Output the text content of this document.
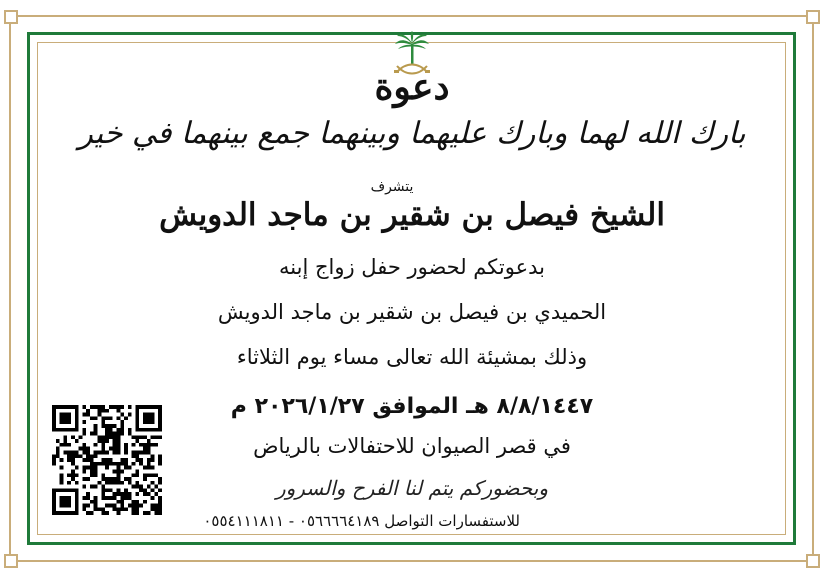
دعوة
بارك الله لهما وبارك عليهما وبينهما جمع بينهما في خير
يتشرف
الشيخ فيصل بن شقير بن ماجد الدويش
بدعوتكم لحضور حفل زواج إبنه
الحميدي بن فيصل بن شقير بن ماجد الدويش
وذلك بمشيئة الله تعالى مساء يوم الثلاثاء
٨/٨/١٤٤٧ هـ الموافق ٢٠٢٦/١/٢٧ م
في قصر الصيوان للاحتفالات بالرياض
وبحضوركم يتم لنا الفرح والسرور
للاستفسارات التواصل ٠٥٦٦٦٦٤١٨٩ - ٠٥٥٤١١١٨١١
